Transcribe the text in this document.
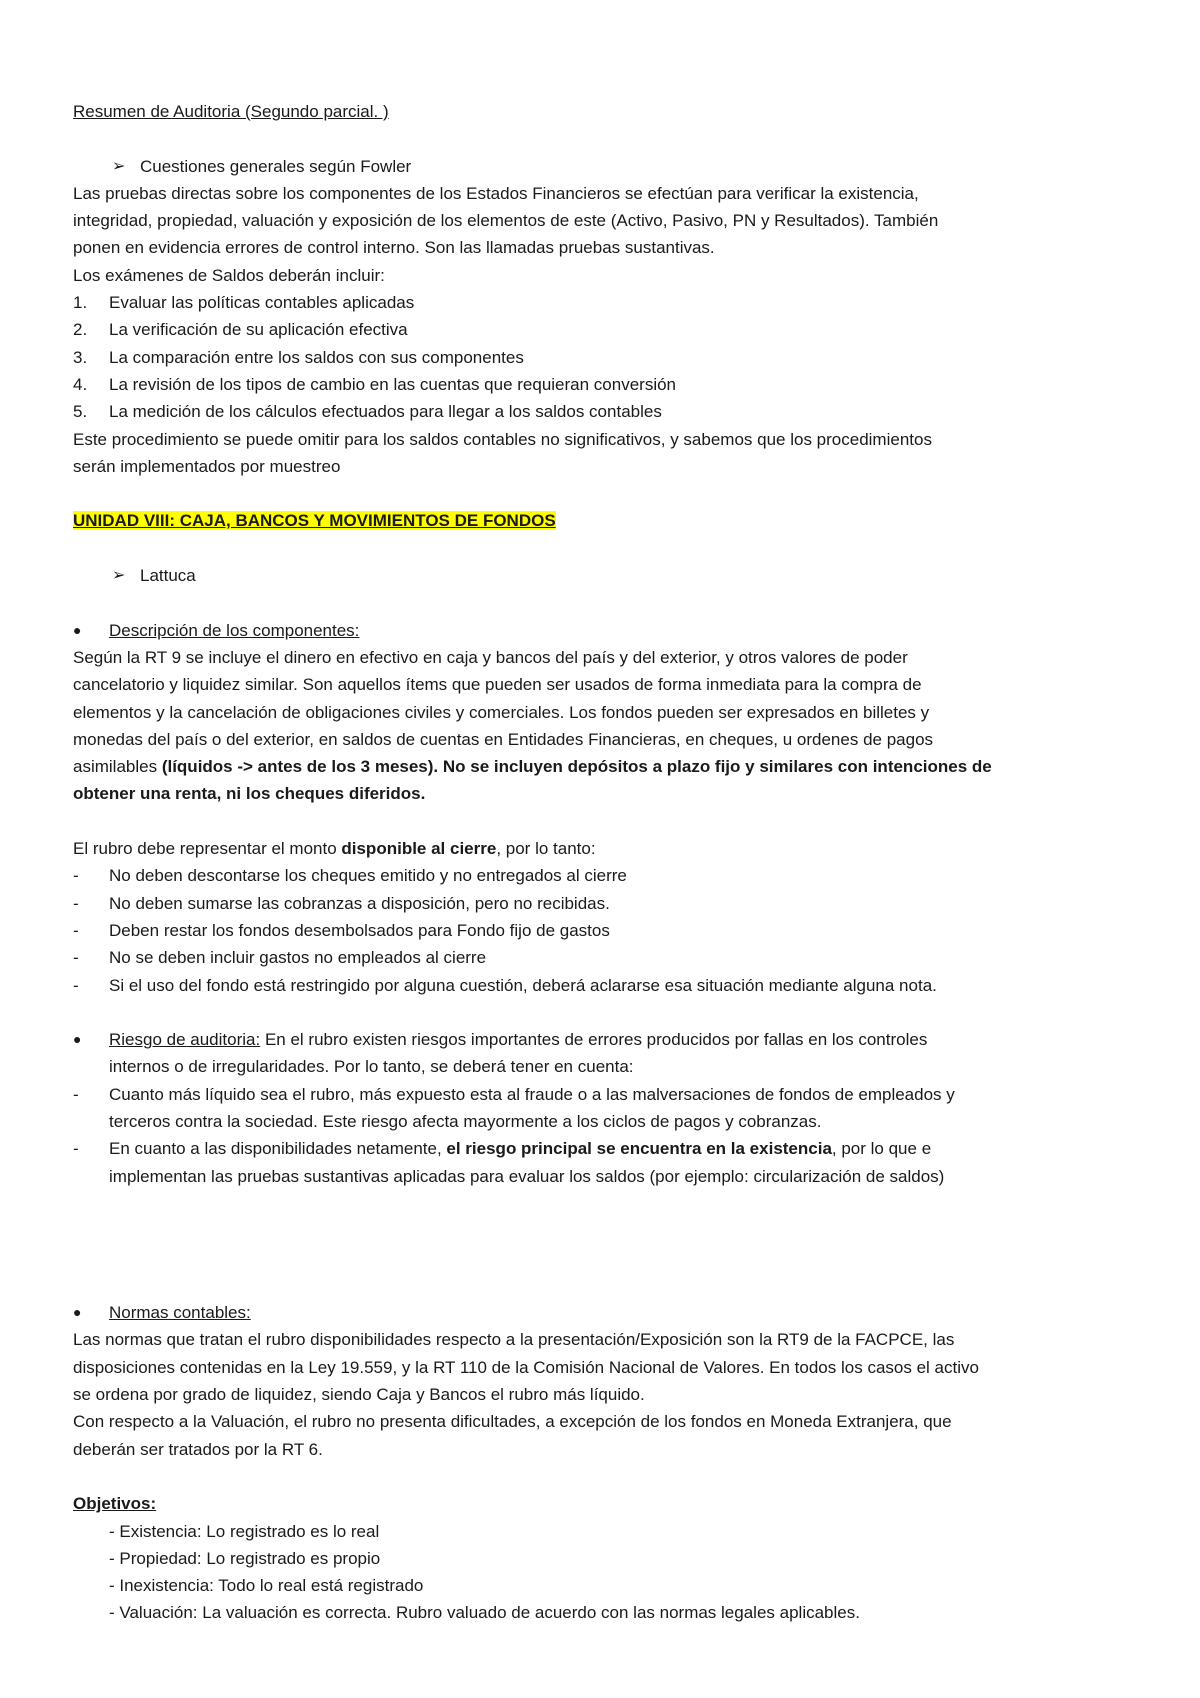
Resumen de Auditoria (Segundo parcial. )
➢ Cuestiones generales según Fowler
Las pruebas directas sobre los componentes de los Estados Financieros se efectúan para verificar la existencia,
integridad, propiedad, valuación y exposición de los elementos de este (Activo, Pasivo, PN y Resultados). También
ponen en evidencia errores de control interno. Son las llamadas pruebas sustantivas.
Los exámenes de Saldos deberán incluir:
1.	Evaluar las políticas contables aplicadas
2.	La verificación de su aplicación efectiva
3.	La comparación entre los saldos con sus componentes
4.	La revisión de los tipos de cambio en las cuentas que requieran conversión
5.	La medición de los cálculos efectuados para llegar a los saldos contables
Este procedimiento se puede omitir para los saldos contables no significativos, y sabemos que los procedimientos
serán implementados por muestreo
UNIDAD VIII: CAJA, BANCOS Y MOVIMIENTOS DE FONDOS
➢ Lattuca
●	Descripción de los componentes:
Según la RT 9 se incluye el dinero en efectivo en caja y bancos del país y del exterior, y otros valores de poder
cancelatorio y liquidez similar. Son aquellos ítems que pueden ser usados de forma inmediata para la compra de
elementos y la cancelación de obligaciones civiles y comerciales. Los fondos pueden ser expresados en billetes y
monedas del país o del exterior, en saldos de cuentas en Entidades Financieras, en cheques, u ordenes de pagos
asimilables (líquidos -> antes de los 3 meses). No se incluyen depósitos a plazo fijo y similares con intenciones de
obtener una renta, ni los cheques diferidos.
El rubro debe representar el monto disponible al cierre, por lo tanto:
-	No deben descontarse los cheques emitido y no entregados al cierre
-	No deben sumarse las cobranzas a disposición, pero no recibidas.
-	Deben restar los fondos desembolsados para Fondo fijo de gastos
-	No se deben incluir gastos no empleados al cierre
-	Si el uso del fondo está restringido por alguna cuestión, deberá aclararse esa situación mediante alguna nota.
●	Riesgo de auditoria: En el rubro existen riesgos importantes de errores producidos por fallas en los controles
internos o de irregularidades. Por lo tanto, se deberá tener en cuenta:
-	Cuanto más líquido sea el rubro, más expuesto esta al fraude o a las malversaciones de fondos de empleados y
terceros contra la sociedad. Este riesgo afecta mayormente a los ciclos de pagos y cobranzas.
-	En cuanto a las disponibilidades netamente, el riesgo principal se encuentra en la existencia, por lo que e
implementan las pruebas sustantivas aplicadas para evaluar los saldos (por ejemplo: circularización de saldos)
●	Normas contables:
Las normas que tratan el rubro disponibilidades respecto a la presentación/Exposición son la RT9 de la FACPCE, las
disposiciones contenidas en la Ley 19.559, y la RT 110 de la Comisión Nacional de Valores. En todos los casos el activo
se ordena por grado de liquidez, siendo Caja y Bancos el rubro más líquido.
Con respecto a la Valuación, el rubro no presenta dificultades, a excepción de los fondos en Moneda Extranjera, que
deberán ser tratados por la RT 6.
Objetivos:
- Existencia: Lo registrado es lo real
- Propiedad: Lo registrado es propio
- Inexistencia: Todo lo real está registrado
- Valuación: La valuación es correcta. Rubro valuado de acuerdo con las normas legales aplicables.
